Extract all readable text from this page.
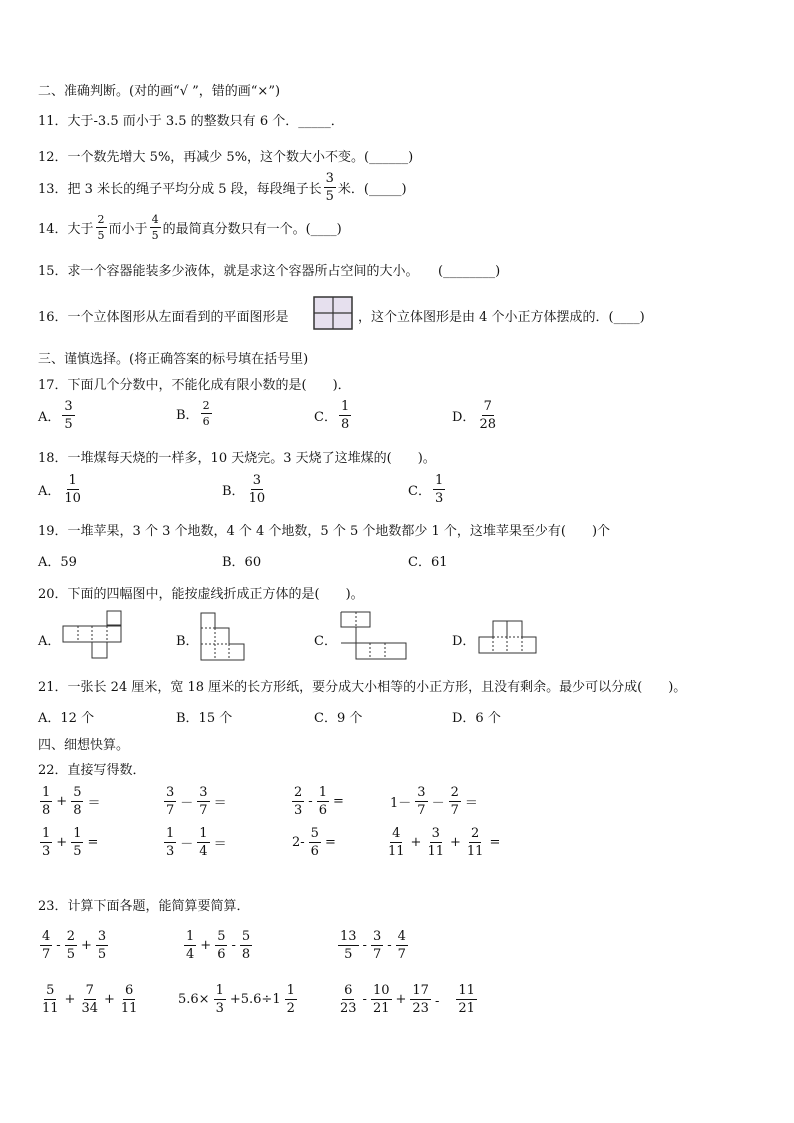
二、准确判断。(对的画“√ ”，错的画“×”)
11．大于-3.5 而小于 3.5 的整数只有 6 个．_____．
12．一个数先增大 5%，再减少 5%，这个数大小不变。(______)
13．把 3 米长的绳子平均分成 5 段，每段绳子长 $\frac{3}{5}$ 米．(_____)
14．大于 $\frac{2}{5}$ 而小于 $\frac{4}{5}$ 的最简真分数只有一个。(____)
15．求一个容器能装多少液体，就是求这个容器所占空间的大小。　　(________)
16．一个立体图形从左面看到的平面图形是	，这个立体图形是由 4 个小正方体摆成的．(____)
三、谨慎选择。(将正确答案的标号填在括号里)
17．下面几个分数中，不能化成有限小数的是(　　)．
A． $\frac{3}{5}$	B． $\frac{2}{6}$	C． $\frac{1}{8}$	D． $\frac{7}{28}$
18．一堆煤每天烧的一样多，10 天烧完。3 天烧了这堆煤的(　　)。
A． $\frac{1}{10}$	B． $\frac{3}{10}$	C． $\frac{1}{3}$
19．一堆苹果，3 个 3 个地数，4 个 4 个地数，5 个 5 个地数都少 1 个，这堆苹果至少有(　　)个
A．59	B．60	C．61
20．下面的四幅图中，能按虚线折成正方体的是(　　)。
A．	B．	C．	D．
21．一张长 24 厘米，宽 18 厘米的长方形纸，要分成大小相等的小正方形，且没有剩余。最少可以分成(　　)。
A．12 个	B．15 个	C．9 个	D．6 个
四、细想快算。
22．直接写得数．
$\frac{1}{8} + \frac{5}{8}$ ＝	$\frac{3}{7} - \frac{3}{7}$ ＝	$\frac{2}{3} - \frac{1}{6}$ =	$1- \frac{3}{7} - \frac{2}{7}$ ＝
$\frac{1}{3} + \frac{1}{5}$ =	$\frac{1}{3} - \frac{1}{4}$ ＝	$2- \frac{5}{6}$ =	$\frac{4}{11} + \frac{3}{11} + \frac{2}{11}$ =
23．计算下面各题，能简算要简算．
$\frac{4}{7} - \frac{2}{5} + \frac{3}{5}$	$\frac{1}{4} + \frac{5}{6} - \frac{5}{8}$	$\frac{13}{5} - \frac{3}{7} - \frac{4}{7}$
$\frac{5}{11} + \frac{7}{34} + \frac{6}{11}$	$5.6\times \frac{1}{3} +5.6\div 1 \frac{1}{2}$	$\frac{6}{23} - \frac{10}{21} + \frac{17}{23}$ -　 $\frac{11}{21}$
